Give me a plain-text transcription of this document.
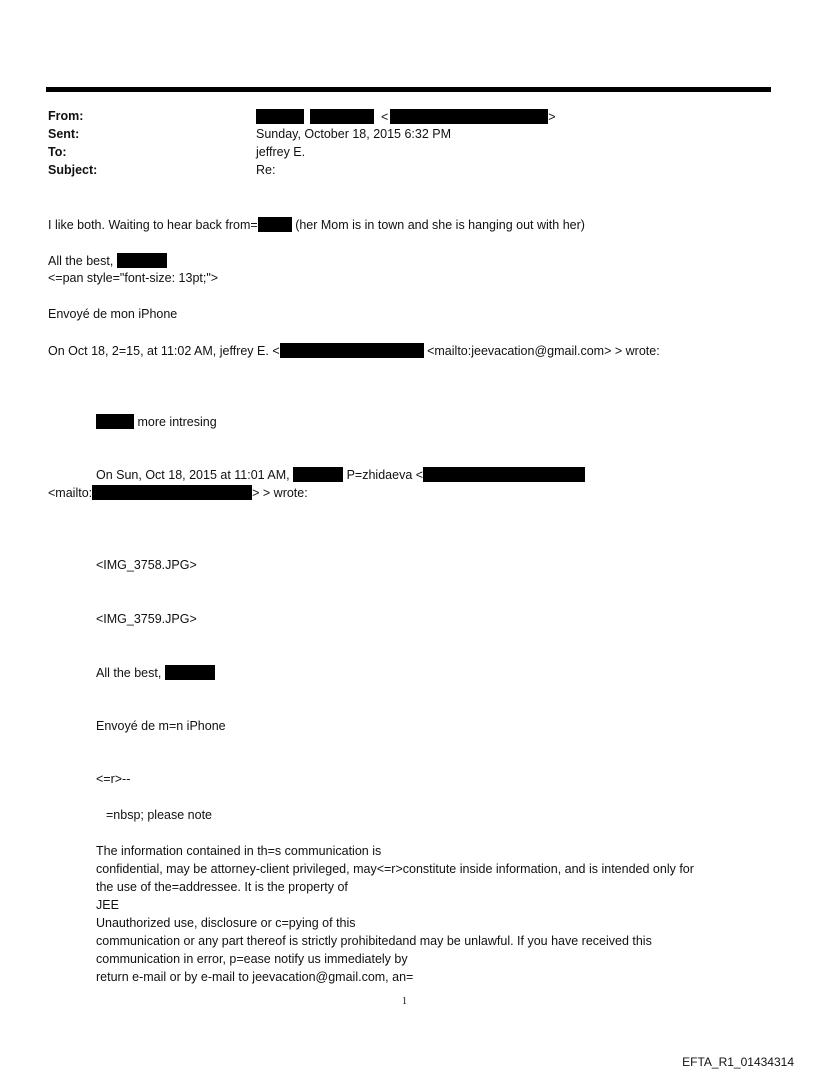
From:	<	>
Sent:	Sunday, October 18, 2015 6:32 PM
To:	jeffrey E.
Subject:	Re:
I like both. Waiting to hear back from=	(her Mom is in town and she is hanging out with her)
All the best,
<=pan style="font-size: 13pt;">
Envoyé de mon iPhone
On Oct 18, 2=15, at 11:02 AM, jeffrey E. <	<mailto:jeevacation@gmail.com> > wrote:
more intresing
On Sun, Oct 18, 2015 at 11:01 AM,	P=zhidaeva <
<mailto:	> > wrote:
<IMG_3758.JPG>
<IMG_3759.JPG>
All the best,
Envoyé de m=n iPhone
<=r>--
=nbsp; please note
The information contained in th=s communication is
confidential, may be attorney-client privileged, may<=r>constitute inside information, and is intended only for
the use of the=addressee. It is the property of
JEE
Unauthorized use, disclosure or c=pying of this
communication or any part thereof is strictly prohibitedand may be unlawful. If you have received this
communication in error, p=ease notify us immediately by
return e-mail or by e-mail to jeevacation@gmail.com, an=
1
EFTA_R1_01434314
